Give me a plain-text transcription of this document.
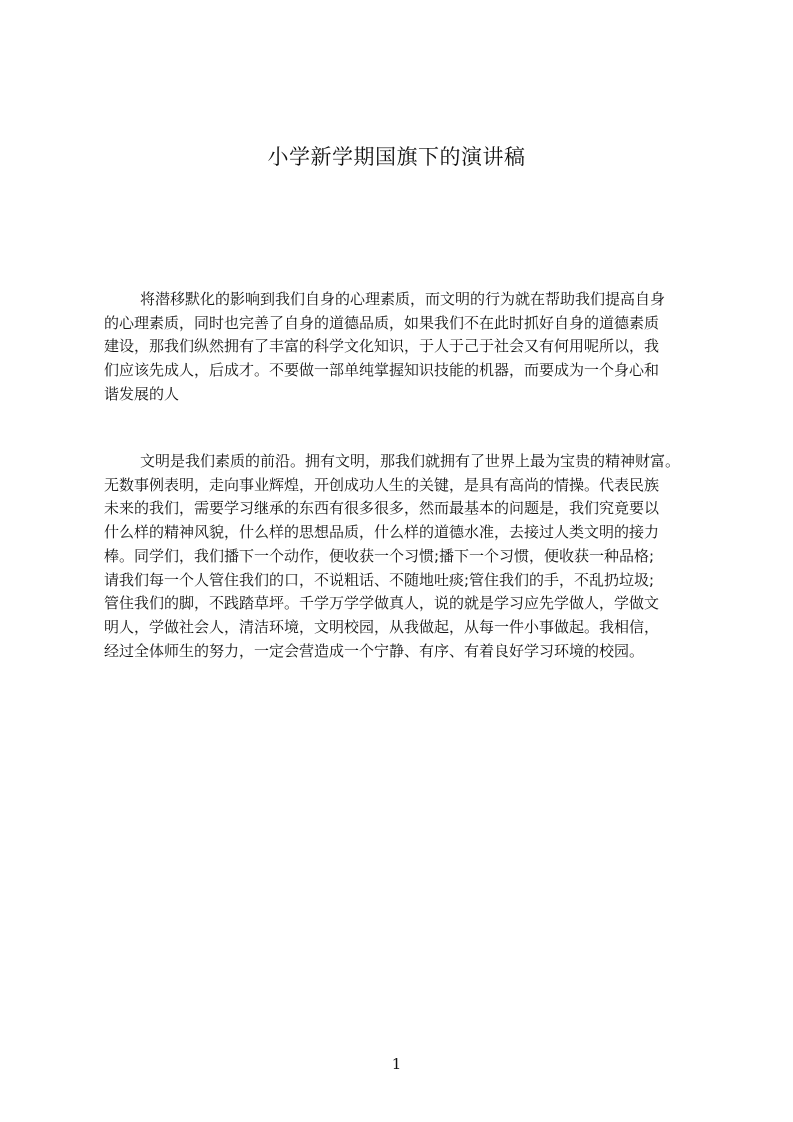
小学新学期国旗下的演讲稿
将潜移默化的影响到我们自身的心理素质，而文明的行为就在帮助我们提高自身
的心理素质，同时也完善了自身的道德品质，如果我们不在此时抓好自身的道德素质
建设，那我们纵然拥有了丰富的科学文化知识，于人于己于社会又有何用呢所以，我
们应该先成人，后成才。不要做一部单纯掌握知识技能的机器，而要成为一个身心和
谐发展的人
文明是我们素质的前沿。拥有文明，那我们就拥有了世界上最为宝贵的精神财富。
无数事例表明，走向事业辉煌，开创成功人生的关键，是具有高尚的情操。代表民族
未来的我们，需要学习继承的东西有很多很多，然而最基本的问题是，我们究竟要以
什么样的精神风貌，什么样的思想品质，什么样的道德水准，去接过人类文明的接力
棒。同学们，我们播下一个动作，便收获一个习惯;播下一个习惯，便收获一种品格;
请我们每一个人管住我们的口，不说粗话、不随地吐痰;管住我们的手，不乱扔垃圾;
管住我们的脚，不践踏草坪。千学万学学做真人，说的就是学习应先学做人，学做文
明人，学做社会人，清洁环境，文明校园，从我做起，从每一件小事做起。我相信，
经过全体师生的努力，一定会营造成一个宁静、有序、有着良好学习环境的校园。
1
